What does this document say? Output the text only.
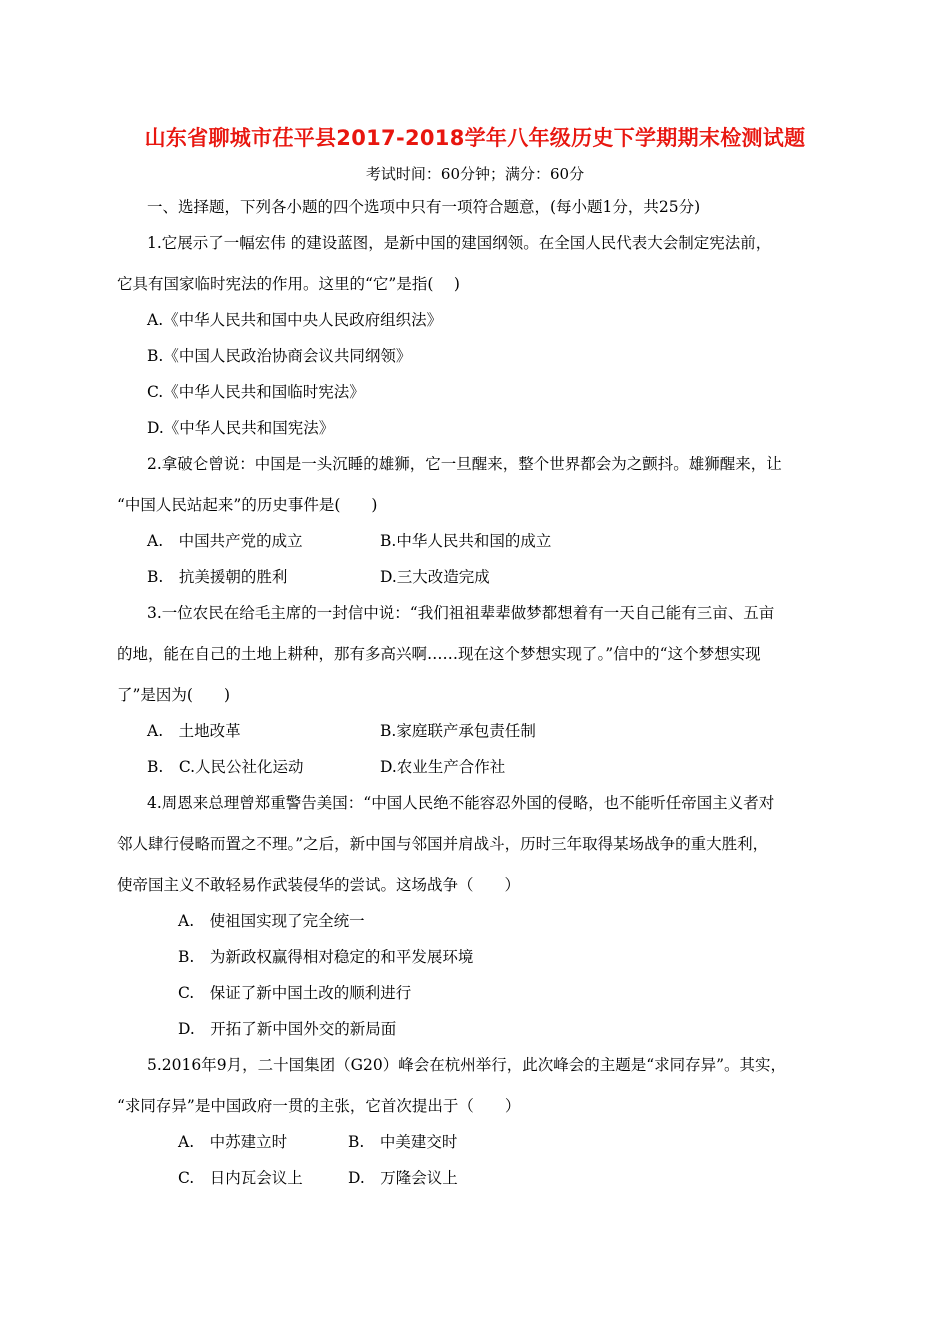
山东省聊城市茌平县2017-2018学年八年级历史下学期期末检测试题
考试时间：60分钟；满分：60分
一、选择题，下列各小题的四个选项中只有一项符合题意，(每小题1分，共25分)
1.它展示了一幅宏伟 的建设蓝图，是新中国的建国纲领。在全国人民代表大会制定宪法前，
它具有国家临时宪法的作用。这里的“它”是指(　 )
A.《中华人民共和国中央人民政府组织法》
B.《中国人民政治协商会议共同纲领》
C.《中华人民共和国临时宪法》
D.《中华人民共和国宪法》
2.拿破仑曾说：中国是一头沉睡的雄狮，它一旦醒来，整个世界都会为之颤抖。雄狮醒来，让
“中国人民站起来”的历史事件是(　　)
A.　中国共产党的成立	B.中华人民共和国的成立
B.　抗美援朝的胜利	D.三大改造完成
3.一位农民在给毛主席的一封信中说：“我们祖祖辈辈做梦都想着有一天自己能有三亩、五亩
的地，能在自己的土地上耕种，那有多高兴啊……现在这个梦想实现了。”信中的“这个梦想实现
了”是因为(　　)
A.　土地改革	B.家庭联产承包责任制
B.　C.人民公社化运动	D.农业生产合作社
4.周恩来总理曾郑重警告美国：“中国人民绝不能容忍外国的侵略，也不能听任帝国主义者对
邻人肆行侵略而置之不理。”之后，新中国与邻国并肩战斗，历时三年取得某场战争的重大胜利，
使帝国主义不敢轻易作武装侵华的尝试。这场战争（　　）
A.　使祖国实现了完全统一
B.　为新政权赢得相对稳定的和平发展环境
C.　保证了新中国土改的顺利进行
D.　开拓了新中国外交的新局面
5.2016年9月，二十国集团（G20）峰会在杭州举行，此次峰会的主题是“求同存异”。其实，
“求同存异”是中国政府一贯的主张，它首次提出于（　　）
A.　中苏建立时	B.　中美建交时
C.　日内瓦会议上	D.　万隆会议上
